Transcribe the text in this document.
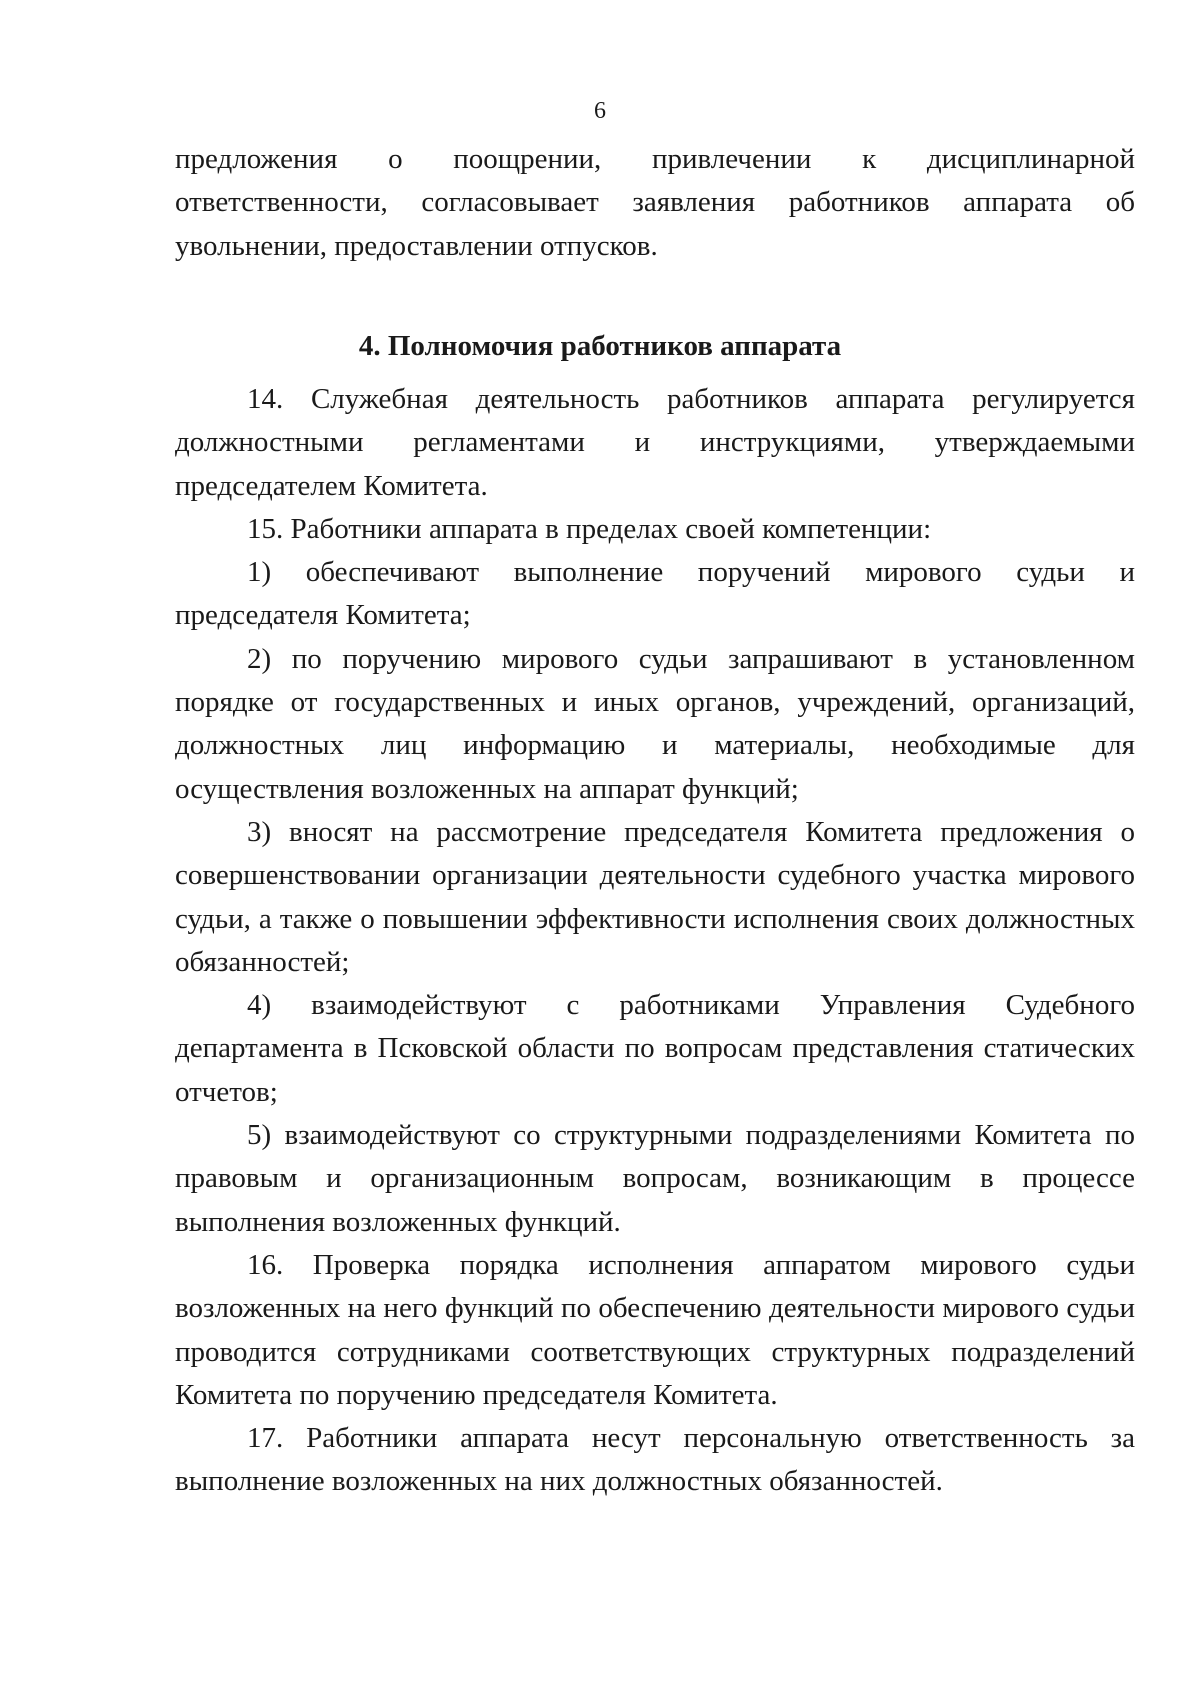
6

предложения о поощрении, привлечении к дисциплинарной ответственности, согласовывает заявления работников аппарата об увольнении, предоставлении отпусков.

4. Полномочия работников аппарата

14. Служебная деятельность работников аппарата регулируется должностными регламентами и инструкциями, утверждаемыми председателем Комитета.

15. Работники аппарата в пределах своей компетенции:

1) обеспечивают выполнение поручений мирового судьи и председателя Комитета;

2) по поручению мирового судьи запрашивают в установленном порядке от государственных и иных органов, учреждений, организаций, должностных лиц информацию и материалы, необходимые для осуществления возложенных на аппарат функций;

3) вносят на рассмотрение председателя Комитета предложения о совершенствовании организации деятельности судебного участка мирового судьи, а также о повышении эффективности исполнения своих должностных обязанностей;

4) взаимодействуют с работниками Управления Судебного департамента в Псковской области по вопросам представления статических отчетов;

5) взаимодействуют со структурными подразделениями Комитета по правовым и организационным вопросам, возникающим в процессе выполнения возложенных функций.

16. Проверка порядка исполнения аппаратом мирового судьи возложенных на него функций по обеспечению деятельности мирового судьи проводится сотрудниками соответствующих структурных подразделений Комитета по поручению председателя Комитета.

17. Работники аппарата несут персональную ответственность за выполнение возложенных на них должностных обязанностей.
